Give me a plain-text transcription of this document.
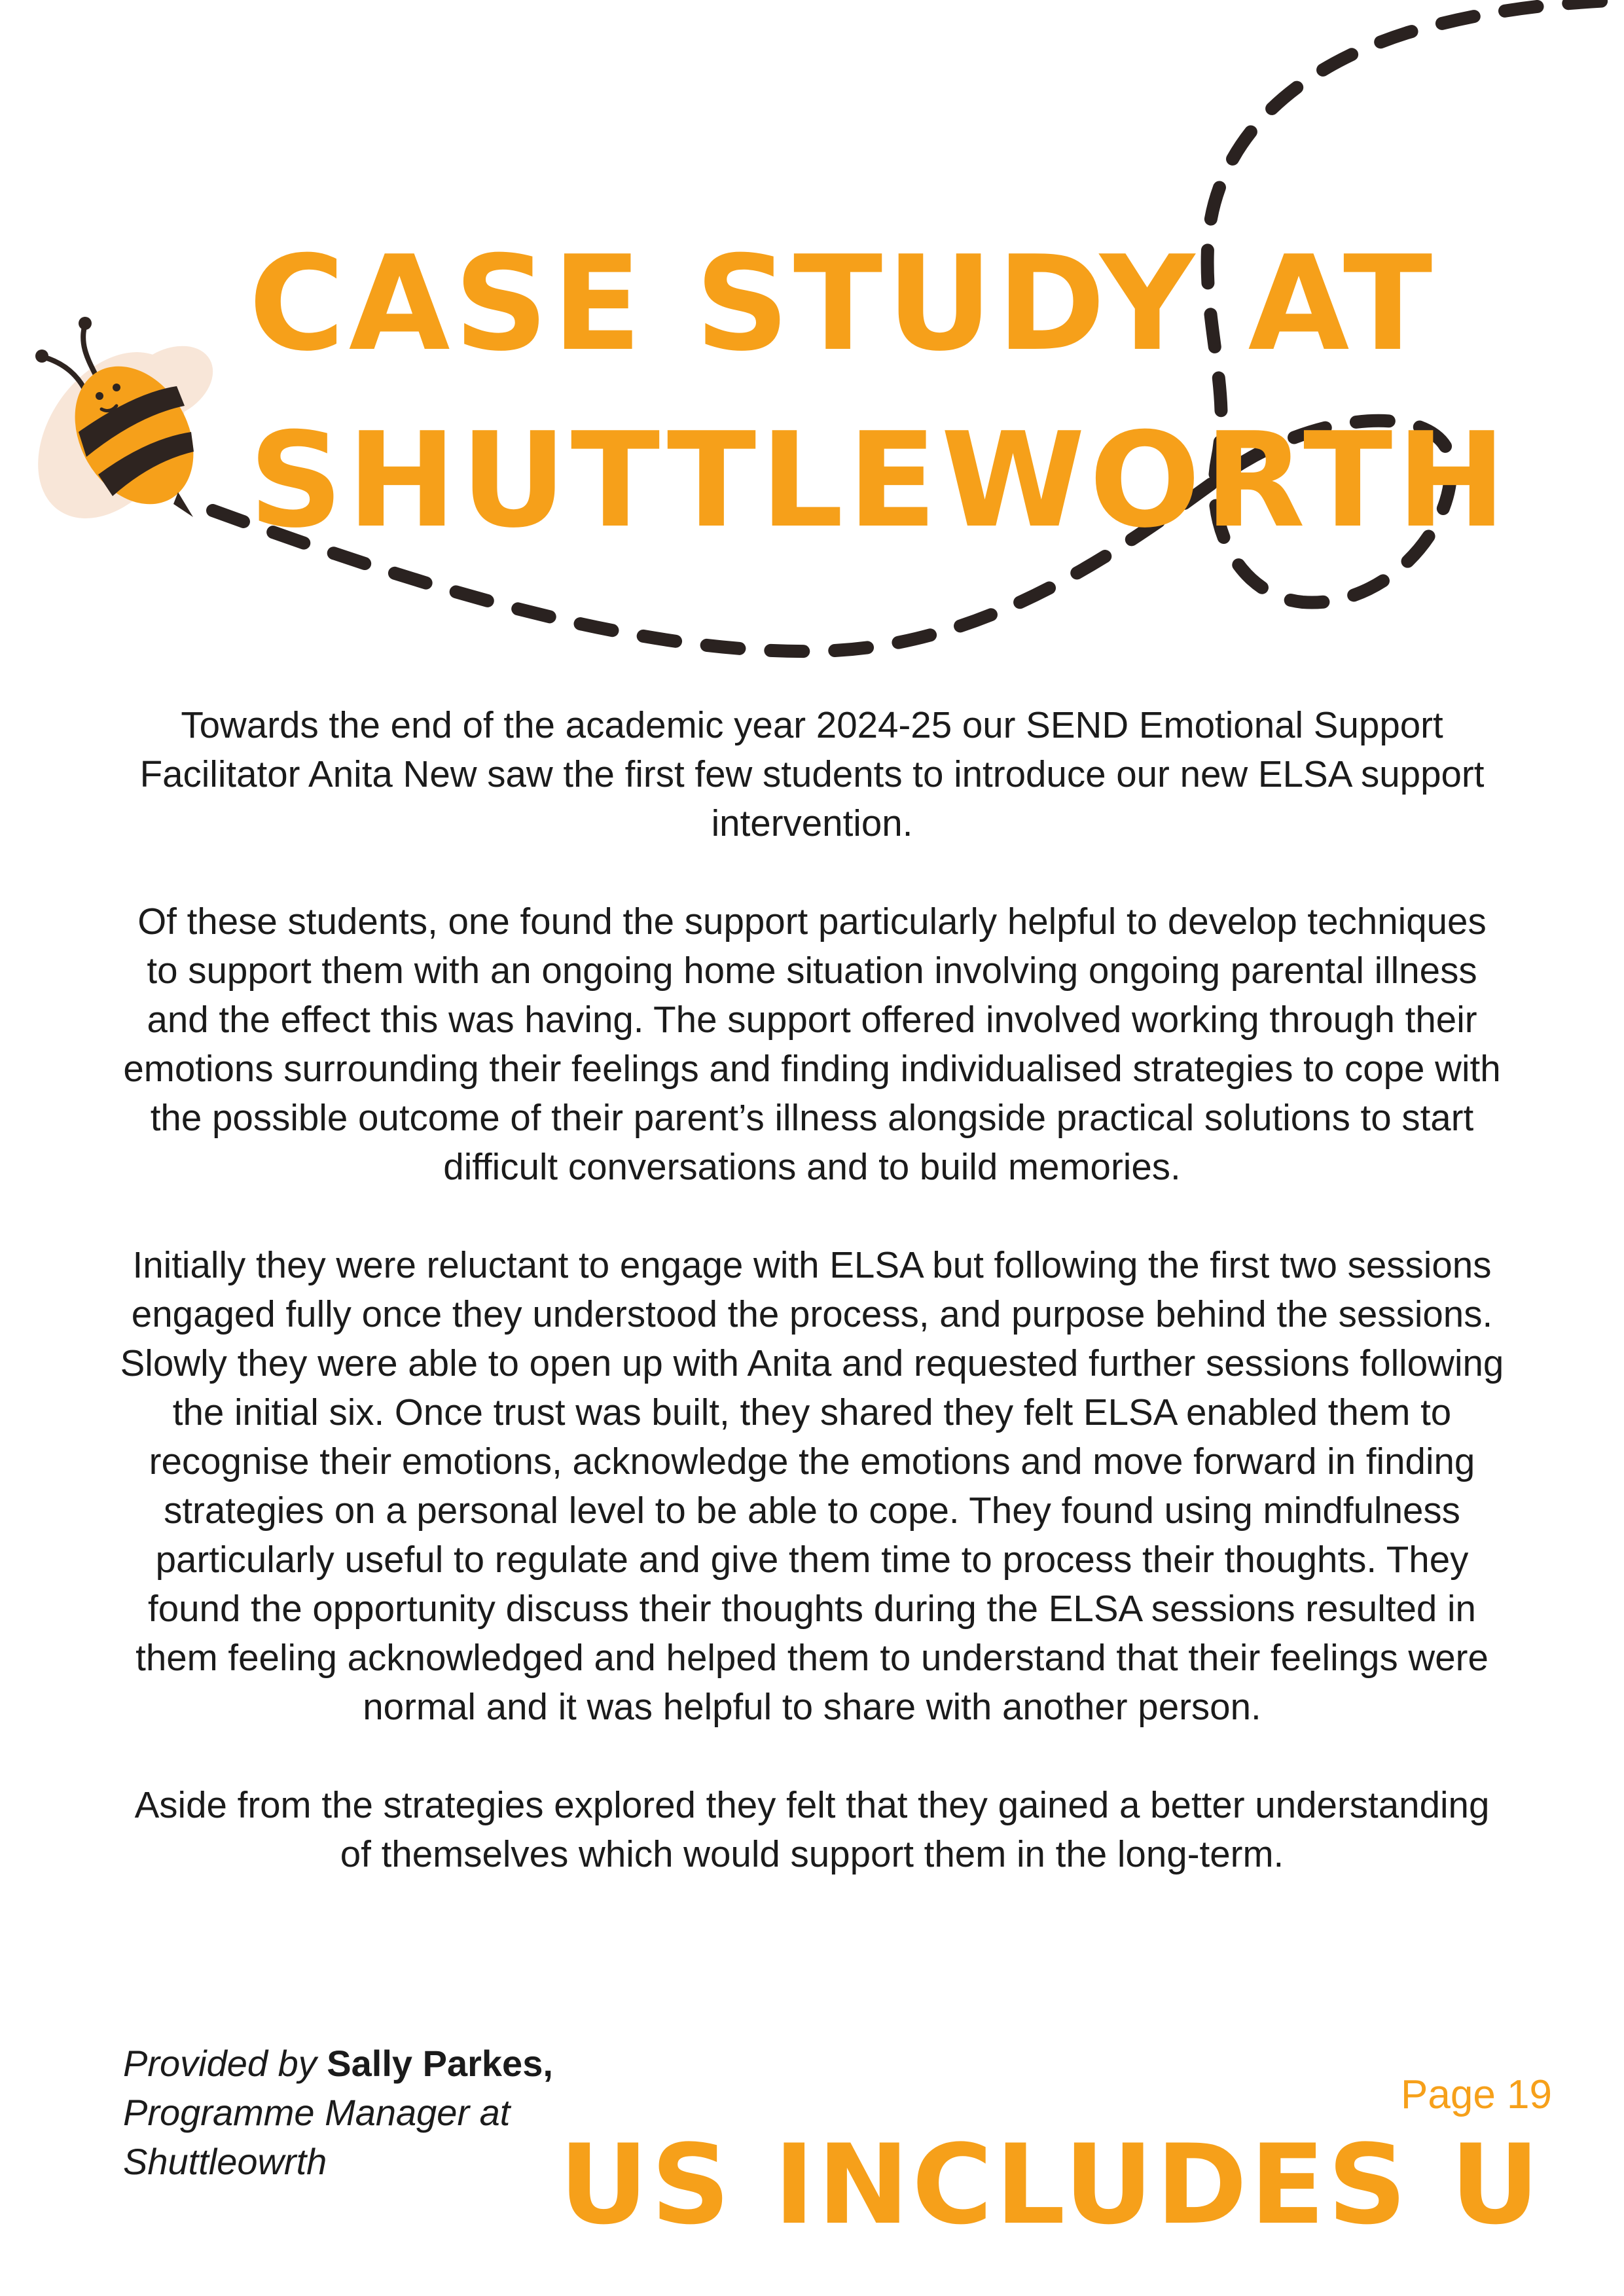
CASE STUDY AT
SHUTTLEWORTH

Towards the end of the academic year 2024-25 our SEND Emotional Support Facilitator Anita New saw the first few students to introduce our new ELSA support intervention.

Of these students, one found the support particularly helpful to develop techniques to support them with an ongoing home situation involving ongoing parental illness and the effect this was having. The support offered involved working through their emotions surrounding their feelings and finding individualised strategies to cope with the possible outcome of their parent’s illness alongside practical solutions to start difficult conversations and to build memories.

Initially they were reluctant to engage with ELSA but following the first two sessions engaged fully once they understood the process, and purpose behind the sessions. Slowly they were able to open up with Anita and requested further sessions following the initial six. Once trust was built, they shared they felt ELSA enabled them to recognise their emotions, acknowledge the emotions and move forward in finding strategies on a personal level to be able to cope. They found using mindfulness particularly useful to regulate and give them time to process their thoughts. They found the opportunity discuss their thoughts during the ELSA sessions resulted in them feeling acknowledged and helped them to understand that their feelings were normal and it was helpful to share with another person.

Aside from the strategies explored they felt that they gained a better understanding of themselves which would support them in the long-term.

Provided by Sally Parkes,
Programme Manager at
Shuttleowrth
Page 19
US INCLUDES U
